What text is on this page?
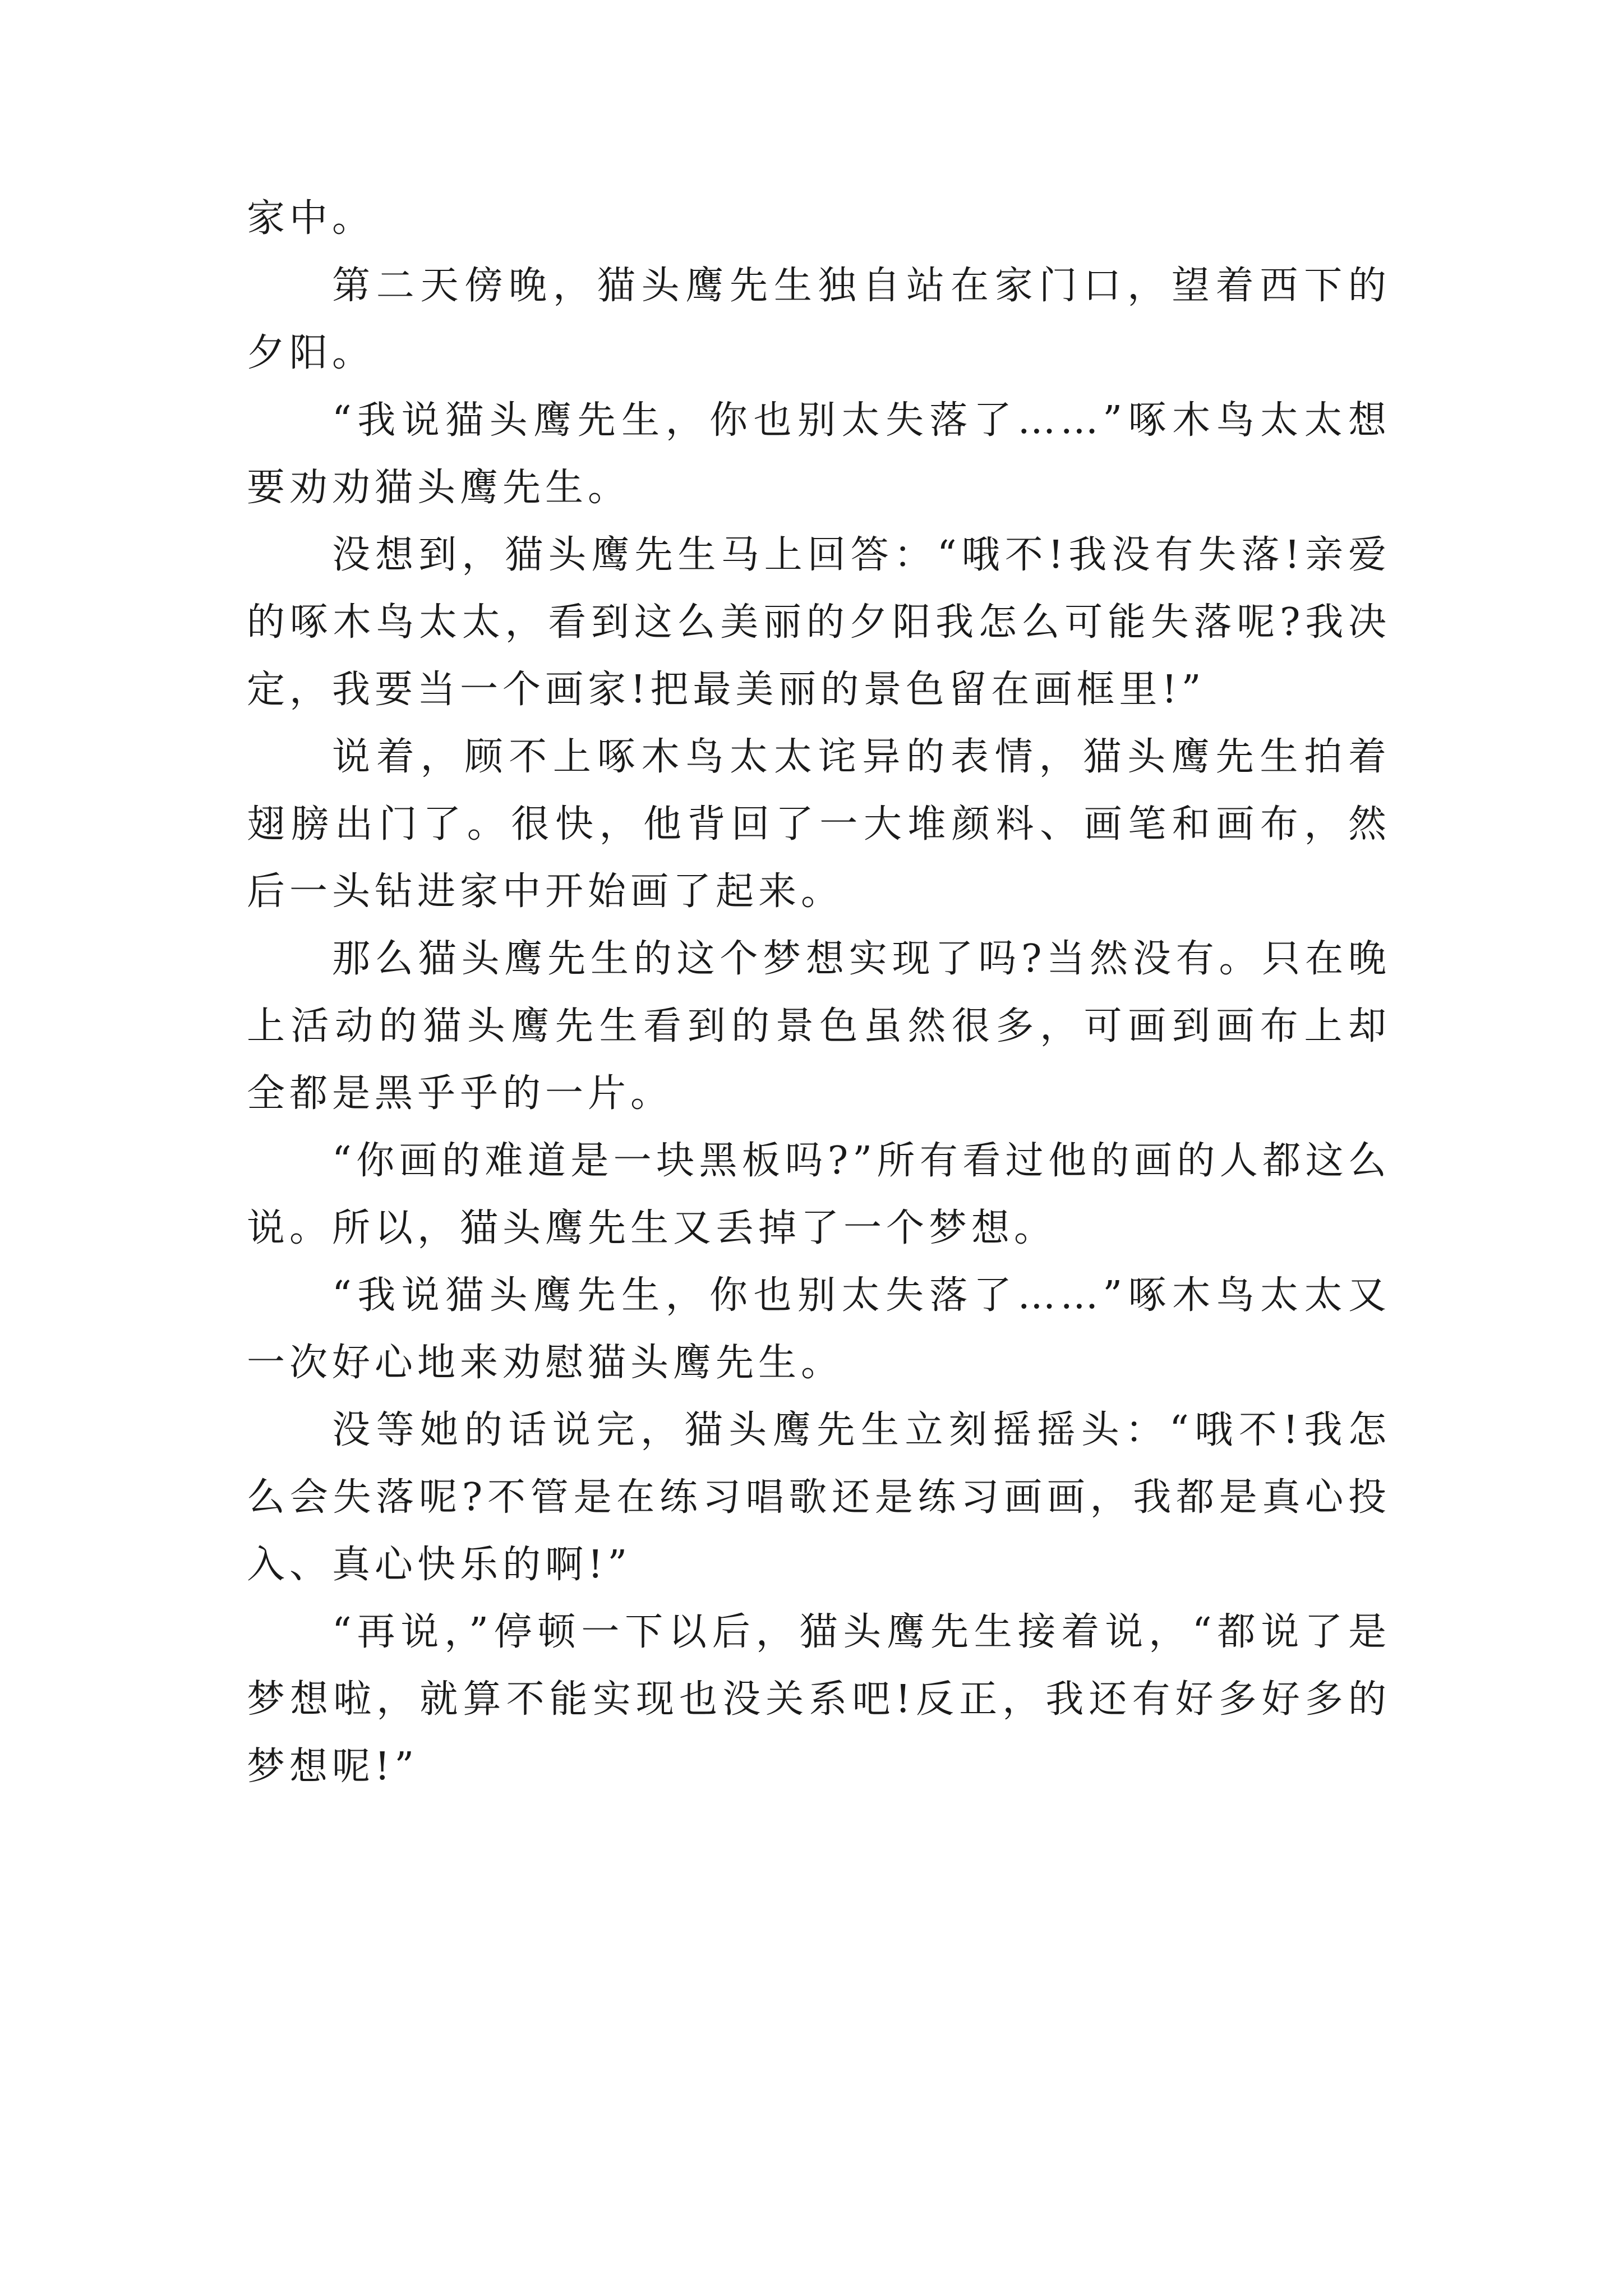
家中。

第二天傍晚，猫头鹰先生独自站在家门口，望着西下的夕阳。

“我说猫头鹰先生，你也别太失落了……”啄木鸟太太想要劝劝猫头鹰先生。

没想到，猫头鹰先生马上回答：“哦不!我没有失落!亲爱的啄木鸟太太，看到这么美丽的夕阳我怎么可能失落呢?我决定，我要当一个画家!把最美丽的景色留在画框里!”

说着，顾不上啄木鸟太太诧异的表情，猫头鹰先生拍着翅膀出门了。很快，他背回了一大堆颜料、画笔和画布，然后一头钻进家中开始画了起来。

那么猫头鹰先生的这个梦想实现了吗?当然没有。只在晚上活动的猫头鹰先生看到的景色虽然很多，可画到画布上却全都是黑乎乎的一片。

“你画的难道是一块黑板吗?”所有看过他的画的人都这么说。所以，猫头鹰先生又丢掉了一个梦想。

“我说猫头鹰先生，你也别太失落了……”啄木鸟太太又一次好心地来劝慰猫头鹰先生。

没等她的话说完，猫头鹰先生立刻摇摇头：“哦不!我怎么会失落呢?不管是在练习唱歌还是练习画画，我都是真心投入、真心快乐的啊!”

“再说，”停顿一下以后，猫头鹰先生接着说，“都说了是梦想啦，就算不能实现也没关系吧!反正，我还有好多好多的梦想呢!”
